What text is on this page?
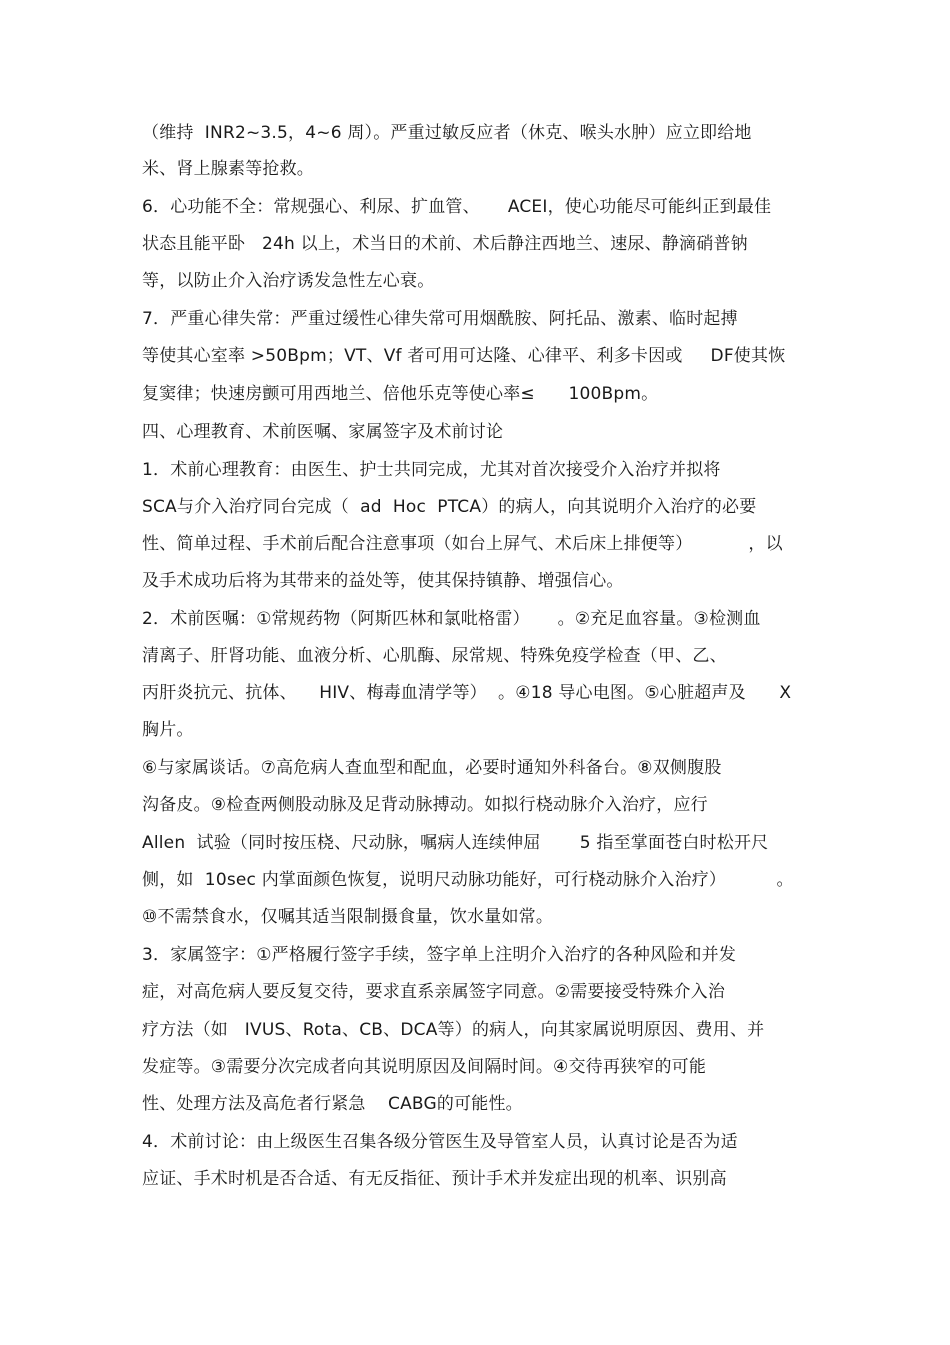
（维持  INR2~3.5，4~6 周）。严重过敏反应者（休克、喉头水肿）应立即给地
米、肾上腺素等抢救。
6．心功能不全：常规强心、利尿、扩血管、     ACEI，使心功能尽可能纠正到最佳
状态且能平卧   24h 以上，术当日的术前、术后静注西地兰、速尿、静滴硝普钠
等，以防止介入治疗诱发急性左心衰。
7．严重心律失常：严重过缓性心律失常可用烟酰胺、阿托品、激素、临时起搏
等使其心室率 >50Bpm；VT、Vf 者可用可达隆、心律平、利多卡因或     DF使其恢
复窦律；快速房颤可用西地兰、倍他乐克等使心率≤      100Bpm。
四、心理教育、术前医嘱、家属签字及术前讨论
1．术前心理教育：由医生、护士共同完成，尤其对首次接受介入治疗并拟将
SCA与介入治疗同台完成（  ad  Hoc  PTCA）的病人，向其说明介入治疗的必要
性、简单过程、手术前后配合注意事项（如台上屏气、术后床上排便等）          ，以
及手术成功后将为其带来的益处等，使其保持镇静、增强信心。
2．术前医嘱：①常规药物（阿斯匹林和氯吡格雷）     。②充足血容量。③检测血
清离子、肝肾功能、血液分析、心肌酶、尿常规、特殊免疫学检查（甲、乙、
丙肝炎抗元、抗体、    HIV、梅毒血清学等）  。④18 导心电图。⑤心脏超声及      X
胸片。
⑥与家属谈话。⑦高危病人查血型和配血，必要时通知外科备台。⑧双侧腹股
沟备皮。⑨检查两侧股动脉及足背动脉搏动。如拟行桡动脉介入治疗，应行
Allen  试验（同时按压桡、尺动脉，嘱病人连续伸屈       5 指至掌面苍白时松开尺
侧，如  10sec 内掌面颜色恢复，说明尺动脉功能好，可行桡动脉介入治疗）         。
⑩不需禁食水，仅嘱其适当限制摄食量，饮水量如常。
3．家属签字：①严格履行签字手续，签字单上注明介入治疗的各种风险和并发
症，对高危病人要反复交待，要求直系亲属签字同意。②需要接受特殊介入治
疗方法（如   IVUS、Rota、CB、DCA等）的病人，向其家属说明原因、费用、并
发症等。③需要分次完成者向其说明原因及间隔时间。④交待再狭窄的可能
性、处理方法及高危者行紧急    CABG的可能性。
4．术前讨论：由上级医生召集各级分管医生及导管室人员，认真讨论是否为适
应证、手术时机是否合适、有无反指征、预计手术并发症出现的机率、识别高
